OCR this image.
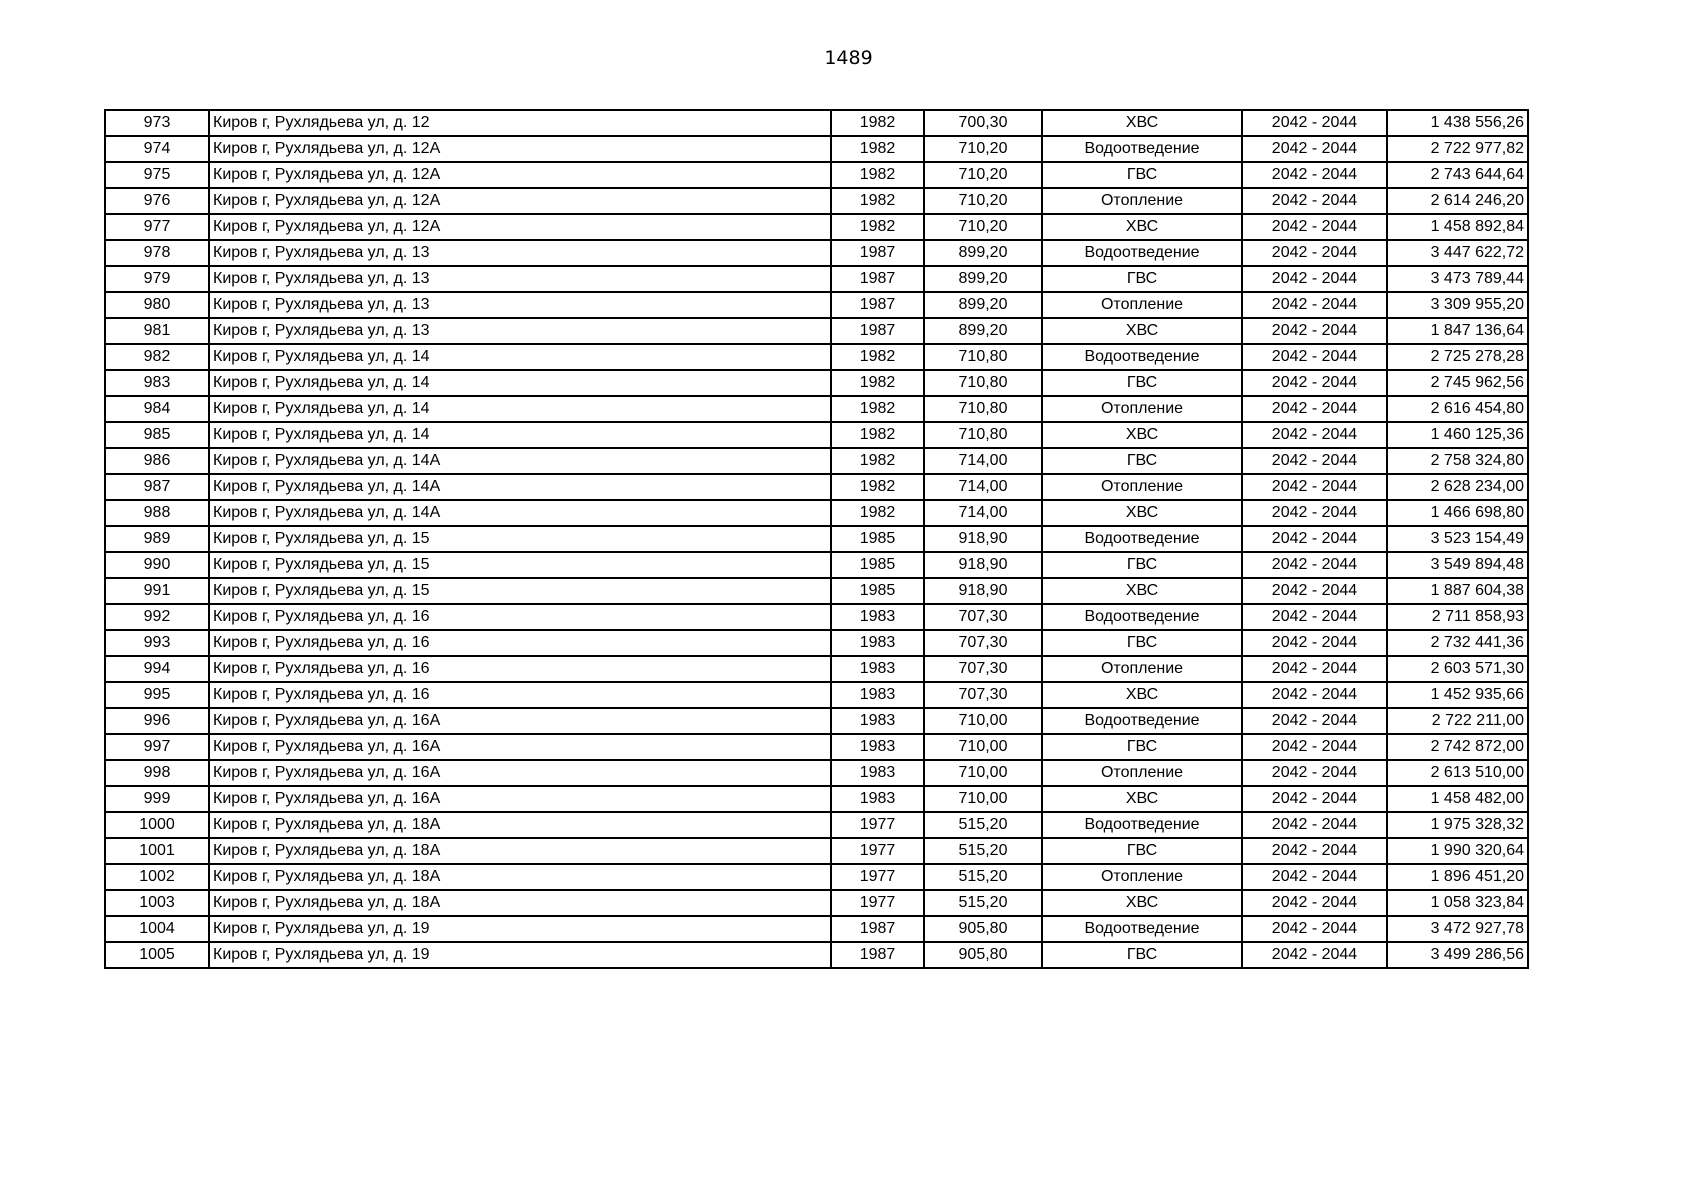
1489
973	Киров г, Рухлядьева ул, д. 12	1982	700,30	ХВС	2042 - 2044	1 438 556,26
974	Киров г, Рухлядьева ул, д. 12А	1982	710,20	Водоотведение	2042 - 2044	2 722 977,82
975	Киров г, Рухлядьева ул, д. 12А	1982	710,20	ГВС	2042 - 2044	2 743 644,64
976	Киров г, Рухлядьева ул, д. 12А	1982	710,20	Отопление	2042 - 2044	2 614 246,20
977	Киров г, Рухлядьева ул, д. 12А	1982	710,20	ХВС	2042 - 2044	1 458 892,84
978	Киров г, Рухлядьева ул, д. 13	1987	899,20	Водоотведение	2042 - 2044	3 447 622,72
979	Киров г, Рухлядьева ул, д. 13	1987	899,20	ГВС	2042 - 2044	3 473 789,44
980	Киров г, Рухлядьева ул, д. 13	1987	899,20	Отопление	2042 - 2044	3 309 955,20
981	Киров г, Рухлядьева ул, д. 13	1987	899,20	ХВС	2042 - 2044	1 847 136,64
982	Киров г, Рухлядьева ул, д. 14	1982	710,80	Водоотведение	2042 - 2044	2 725 278,28
983	Киров г, Рухлядьева ул, д. 14	1982	710,80	ГВС	2042 - 2044	2 745 962,56
984	Киров г, Рухлядьева ул, д. 14	1982	710,80	Отопление	2042 - 2044	2 616 454,80
985	Киров г, Рухлядьева ул, д. 14	1982	710,80	ХВС	2042 - 2044	1 460 125,36
986	Киров г, Рухлядьева ул, д. 14А	1982	714,00	ГВС	2042 - 2044	2 758 324,80
987	Киров г, Рухлядьева ул, д. 14А	1982	714,00	Отопление	2042 - 2044	2 628 234,00
988	Киров г, Рухлядьева ул, д. 14А	1982	714,00	ХВС	2042 - 2044	1 466 698,80
989	Киров г, Рухлядьева ул, д. 15	1985	918,90	Водоотведение	2042 - 2044	3 523 154,49
990	Киров г, Рухлядьева ул, д. 15	1985	918,90	ГВС	2042 - 2044	3 549 894,48
991	Киров г, Рухлядьева ул, д. 15	1985	918,90	ХВС	2042 - 2044	1 887 604,38
992	Киров г, Рухлядьева ул, д. 16	1983	707,30	Водоотведение	2042 - 2044	2 711 858,93
993	Киров г, Рухлядьева ул, д. 16	1983	707,30	ГВС	2042 - 2044	2 732 441,36
994	Киров г, Рухлядьева ул, д. 16	1983	707,30	Отопление	2042 - 2044	2 603 571,30
995	Киров г, Рухлядьева ул, д. 16	1983	707,30	ХВС	2042 - 2044	1 452 935,66
996	Киров г, Рухлядьева ул, д. 16А	1983	710,00	Водоотведение	2042 - 2044	2 722 211,00
997	Киров г, Рухлядьева ул, д. 16А	1983	710,00	ГВС	2042 - 2044	2 742 872,00
998	Киров г, Рухлядьева ул, д. 16А	1983	710,00	Отопление	2042 - 2044	2 613 510,00
999	Киров г, Рухлядьева ул, д. 16А	1983	710,00	ХВС	2042 - 2044	1 458 482,00
1000	Киров г, Рухлядьева ул, д. 18А	1977	515,20	Водоотведение	2042 - 2044	1 975 328,32
1001	Киров г, Рухлядьева ул, д. 18А	1977	515,20	ГВС	2042 - 2044	1 990 320,64
1002	Киров г, Рухлядьева ул, д. 18А	1977	515,20	Отопление	2042 - 2044	1 896 451,20
1003	Киров г, Рухлядьева ул, д. 18А	1977	515,20	ХВС	2042 - 2044	1 058 323,84
1004	Киров г, Рухлядьева ул, д. 19	1987	905,80	Водоотведение	2042 - 2044	3 472 927,78
1005	Киров г, Рухлядьева ул, д. 19	1987	905,80	ГВС	2042 - 2044	3 499 286,56
